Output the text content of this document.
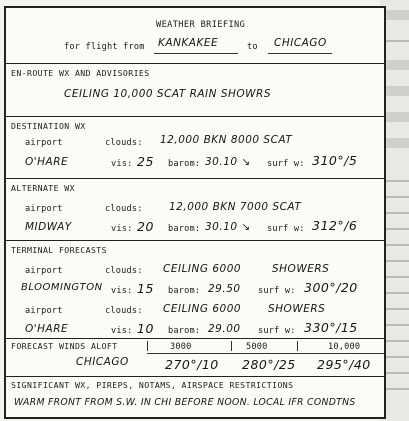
WEATHER BRIEFING
for flight from KANKAKEE	to CHICAGO
EN-ROUTE WX AND ADVISORIES
CEILING 10,000 SCAT RAIN SHOWRS
DESTINATION WX
airport	clouds: 12,000 BKN 8000 SCAT
O'HARE	vis: 25 barom: 30.10 ↘ surf w: 310°/5
ALTERNATE WX
airport	clouds:	12,000 BKN 7000 SCAT
MIDWAY	vis: 20 barom: 30.10 ↘ surf w: 312°/6
TERMINAL FORECASTS
airport	clouds: CEILING 6000	SHOWERS
BLOOMINGTON vis: 15 barom: 29.50 surf w: 300°/20
airport	clouds: CEILING 6000	SHOWERS
O'HARE	vis: 10 barom: 29.00 surf w: 330°/15
FORECAST WINDS ALOFT	3000	5000	10,000
CHICAGO	270°/10 280°/25 295°/40
SIGNIFICANT WX, PIREPS, NOTAMS, AIRSPACE RESTRICTIONS
WARM FRONT FROM S.W. IN CHI BEFORE NOON. LOCAL IFR CONDTNS
